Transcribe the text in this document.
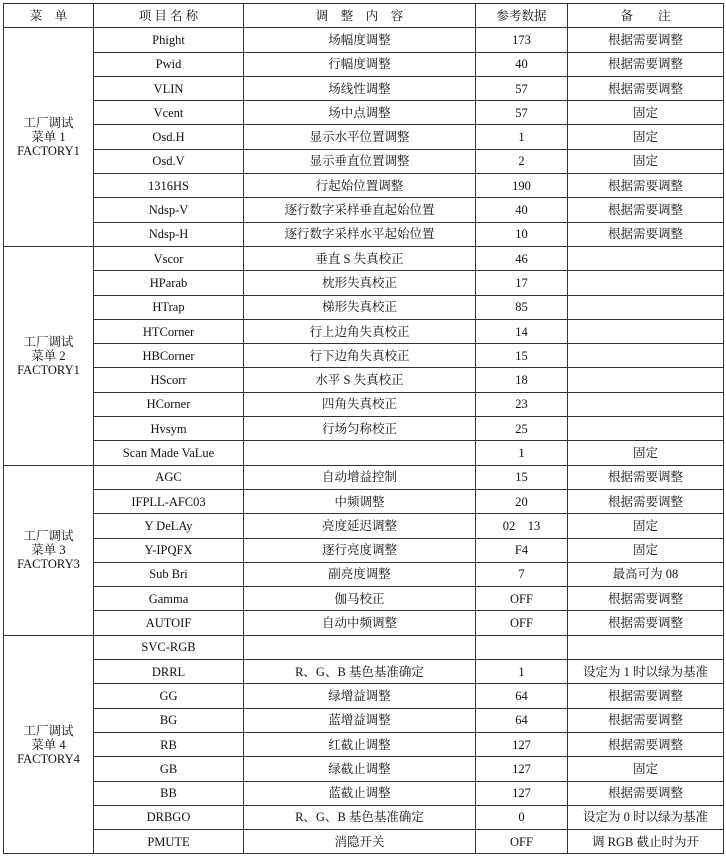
菜　单	项 目 名 称	调　整　内　容	参考数据	备　　注

工厂调试
菜单 1
FACTORY1	Phight	场幅度调整	173	根据需要调整
	Pwid	行幅度调整	40	根据需要调整
	VLIN	场线性调整	57	根据需要调整
	Vcent	场中点调整	57	固定
	Osd.H	显示水平位置调整	1	固定
	Osd.V	显示垂直位置调整	2	固定
	1316HS	行起始位置调整	190	根据需要调整
	Ndsp-V	逐行数字采样垂直起始位置	40	根据需要调整
	Ndsp-H	逐行数字采样水平起始位置	10	根据需要调整

工厂调试
菜单 2
FACTORY1	Vscor	垂直 S 失真校正	46	
	HParab	枕形失真校正	17	
	HTrap	梯形失真校正	85	
	HTCorner	行上边角失真校正	14	
	HBCorner	行下边角失真校正	15	
	HScorr	水平 S 失真校正	18	
	HCorner	四角失真校正	23	
	Hvsym	行场匀称校正	25	
	Scan Made VaLue		1	固定

工厂调试
菜单 3
FACTORY3	AGC	自动增益控制	15	根据需要调整
	IFPLL-AFC03	中频调整	20	根据需要调整
	Y DeLAy	亮度延迟调整	02　13	固定
	Y-IPQFX	逐行亮度调整	F4	固定
	Sub Bri	副亮度调整	7	最高可为 08
	Gamma	伽马校正	OFF	根据需要调整
	AUTOIF	自动中频调整	OFF	根据需要调整

工厂调试
菜单 4
FACTORY4	SVC-RGB			
	DRRL	R、G、B 基色基准确定	1	设定为 1 时以绿为基准
	GG	绿增益调整	64	根据需要调整
	BG	蓝增益调整	64	根据需要调整
	RB	红截止调整	127	根据需要调整
	GB	绿截止调整	127	固定
	BB	蓝截止调整	127	根据需要调整
	DRBGO	R、G、B 基色基准确定	0	设定为 0 时以绿为基准
	PMUTE	消隐开关	OFF	调 RGB 截止时为开
